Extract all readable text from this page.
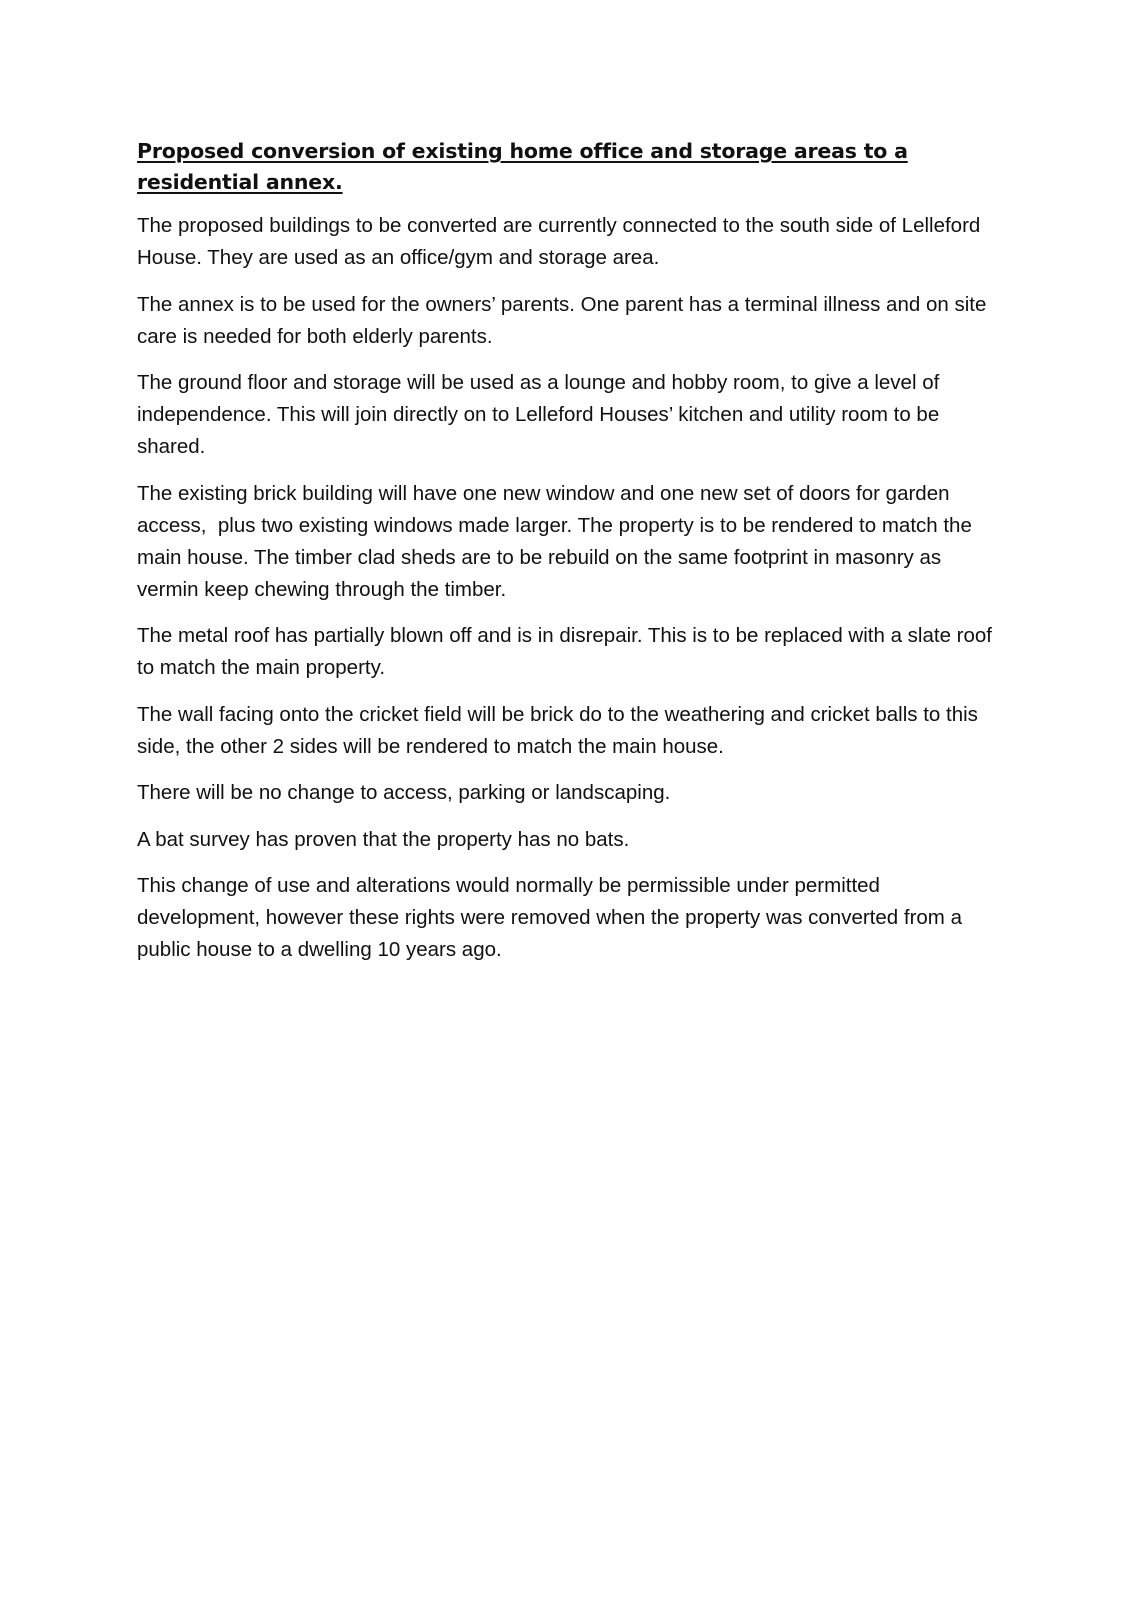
Proposed conversion of existing home office and storage areas to a residential annex.

The proposed buildings to be converted are currently connected to the south side of Lelleford House. They are used as an office/gym and storage area.

The annex is to be used for the owners’ parents. One parent has a terminal illness and on site care is needed for both elderly parents.

The ground floor and storage will be used as a lounge and hobby room, to give a level of independence. This will join directly on to Lelleford Houses’ kitchen and utility room to be shared.

The existing brick building will have one new window and one new set of doors for garden access,  plus two existing windows made larger. The property is to be rendered to match the main house. The timber clad sheds are to be rebuild on the same footprint in masonry as vermin keep chewing through the timber.

The metal roof has partially blown off and is in disrepair. This is to be replaced with a slate roof to match the main property.

The wall facing onto the cricket field will be brick do to the weathering and cricket balls to this side, the other 2 sides will be rendered to match the main house.

There will be no change to access, parking or landscaping.

A bat survey has proven that the property has no bats.

This change of use and alterations would normally be permissible under permitted development, however these rights were removed when the property was converted from a public house to a dwelling 10 years ago.
